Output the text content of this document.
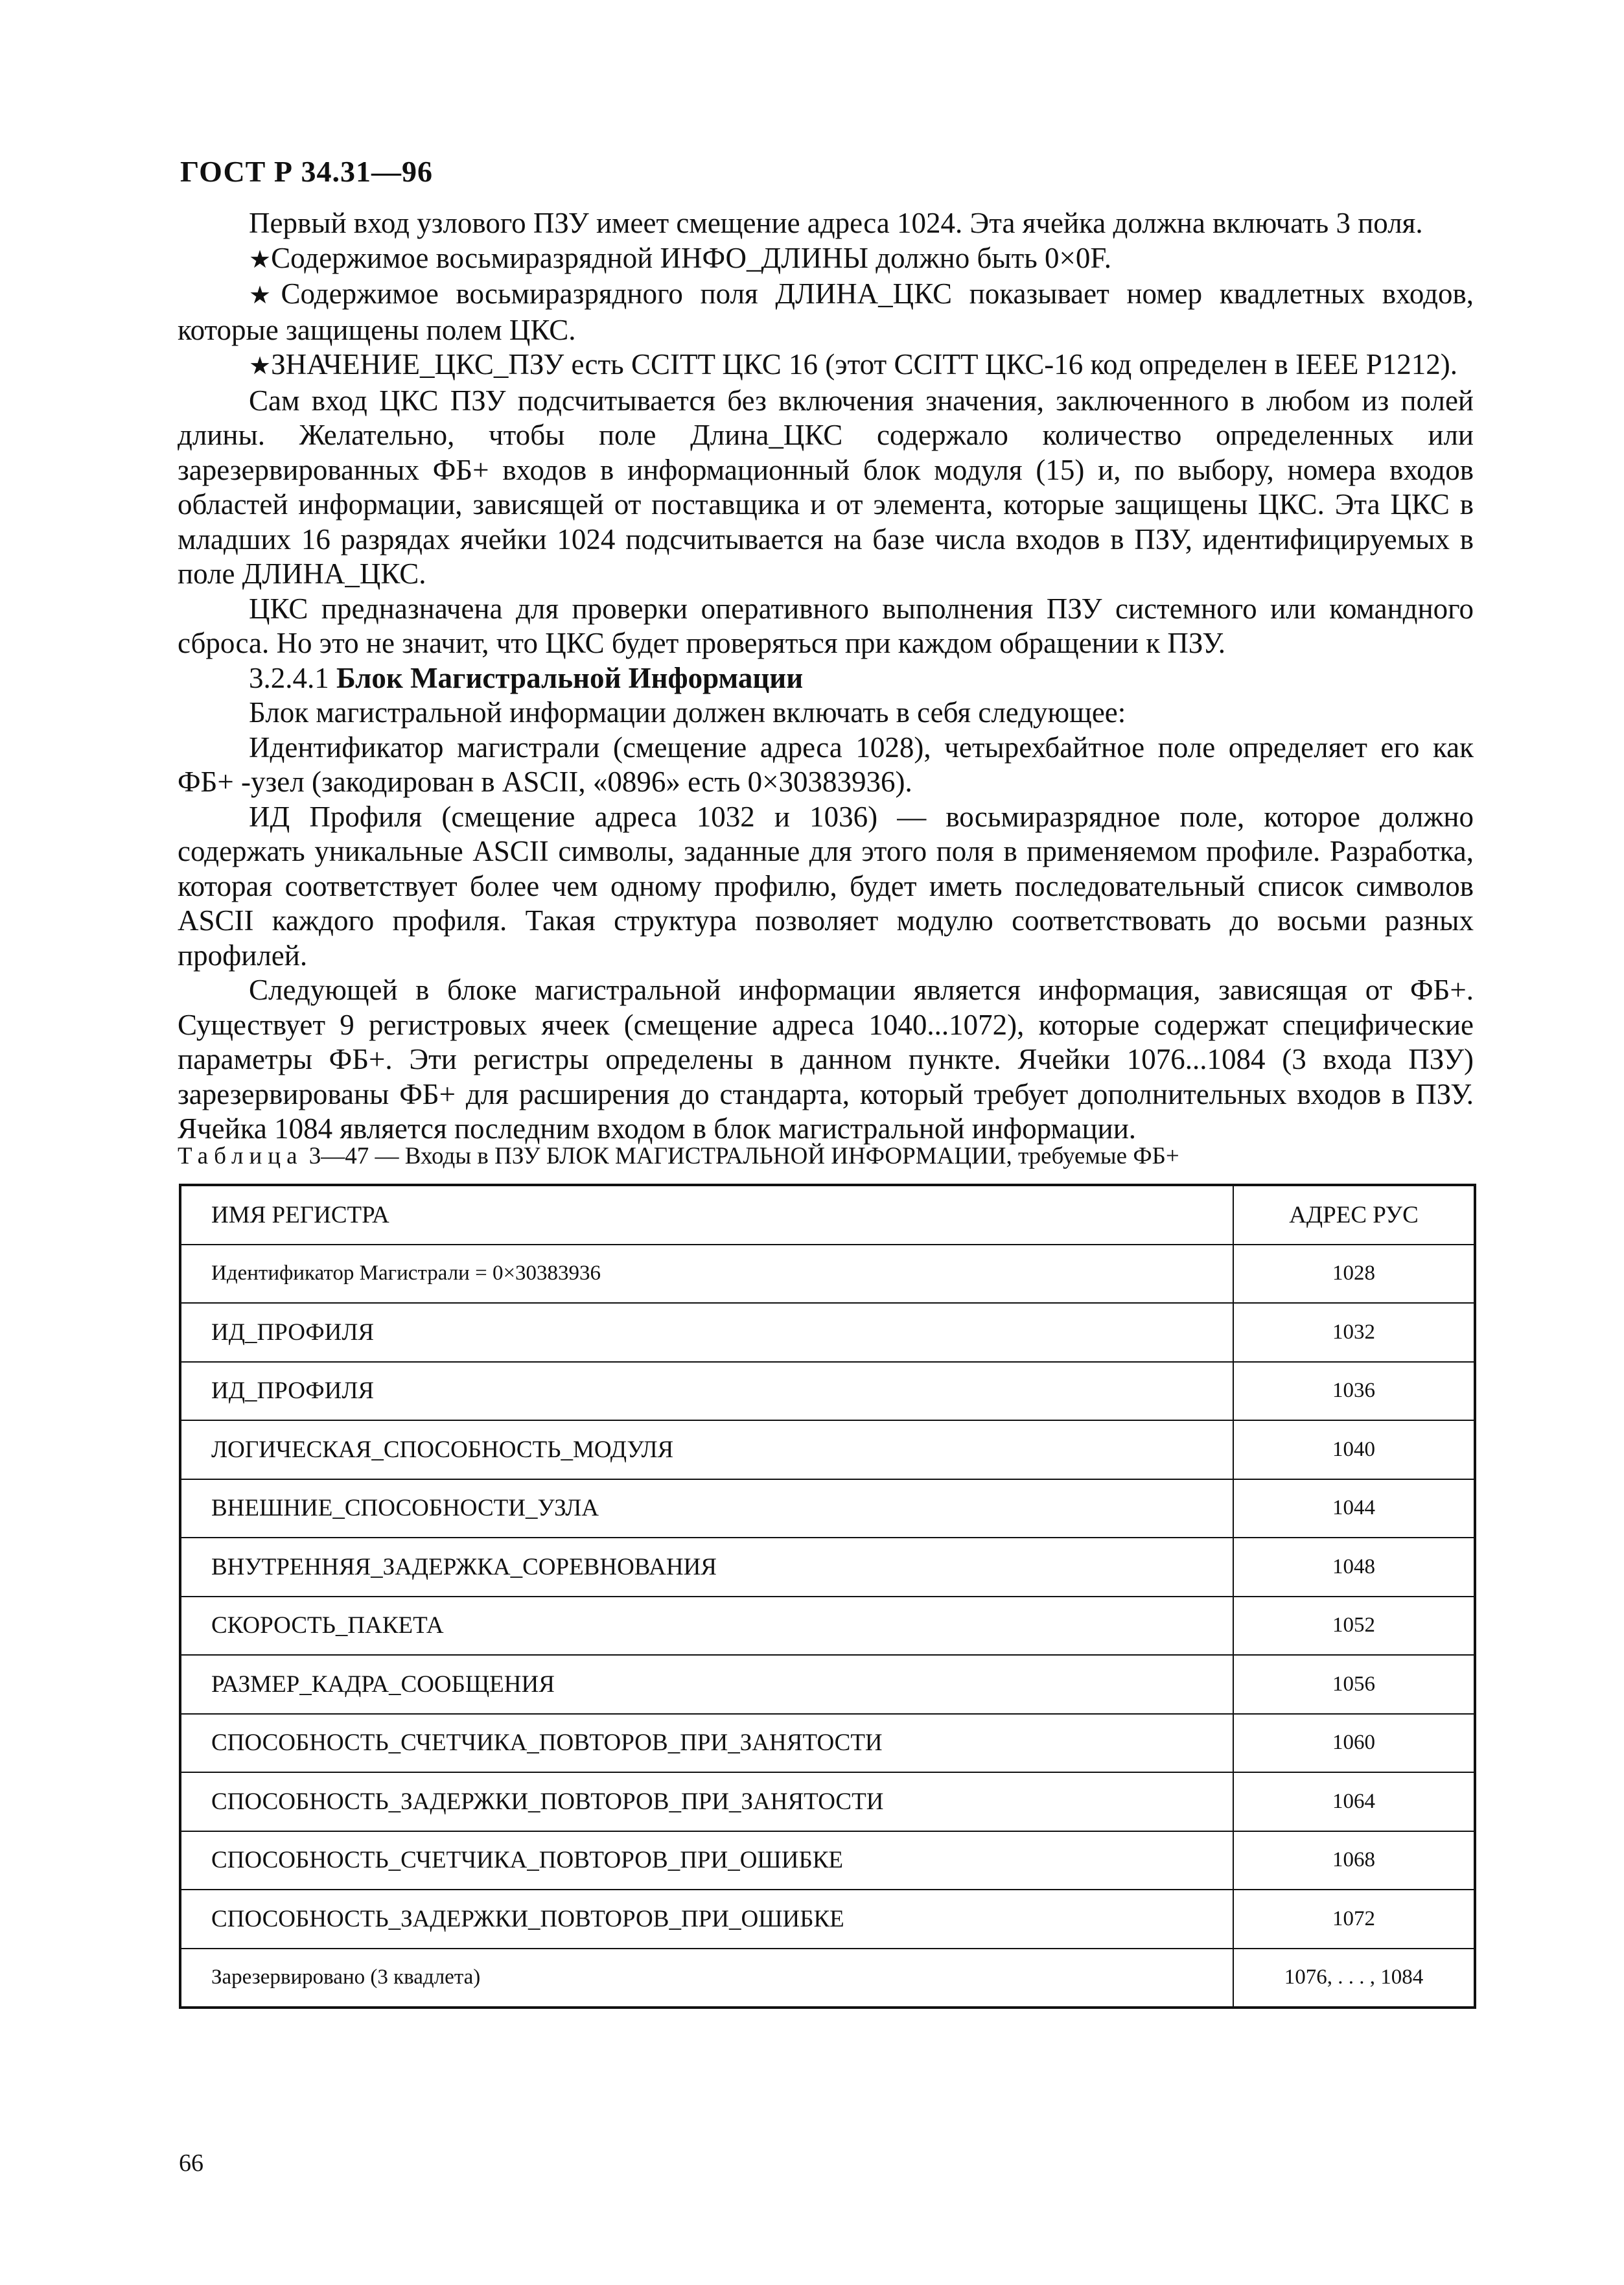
ГОСТ Р 34.31—96

Первый вход узлового ПЗУ имеет смещение адреса 1024. Эта ячейка должна включать 3 поля.

★Содержимое восьмиразрядной ИНФО_ДЛИНЫ должно быть 0×0F.

★Содержимое восьмиразрядного поля ДЛИНА_ЦКС показывает номер квадлетных входов, которые защищены полем ЦКС.

★ЗНАЧЕНИЕ_ЦКС_ПЗУ есть CCITT ЦКС 16 (этот CCITT ЦКС-16 код определен в IEEE P1212).

Сам вход ЦКС ПЗУ подсчитывается без включения значения, заключенного в любом из полей длины. Желательно, чтобы поле Длина_ЦКС содержало количество определенных или зарезервированных ФБ+ входов в информационный блок модуля (15) и, по выбору, номера входов областей информации, зависящей от поставщика и от элемента, которые защищены ЦКС. Эта ЦКС в младших 16 разрядах ячейки 1024 подсчитывается на базе числа входов в ПЗУ, идентифицируемых в поле ДЛИНА_ЦКС.

ЦКС предназначена для проверки оперативного выполнения ПЗУ системного или командного сброса. Но это не значит, что ЦКС будет проверяться при каждом обращении к ПЗУ.

3.2.4.1 Блок Магистральной Информации

Блок магистральной информации должен включать в себя следующее:

Идентификатор магистрали (смещение адреса 1028), четырехбайтное поле определяет его как ФБ+ -узел (закодирован в ASCII, «0896» есть 0×30383936).

ИД Профиля (смещение адреса 1032 и 1036) — восьмиразрядное поле, которое должно содержать уникальные ASCII символы, заданные для этого поля в применяемом профиле. Разработка, которая соответствует более чем одному профилю, будет иметь последовательный список символов ASCII каждого профиля. Такая структура позволяет модулю соответствовать до восьми разных профилей.

Следующей в блоке магистральной информации является информация, зависящая от ФБ+. Существует 9 регистровых ячеек (смещение адреса 1040...1072), которые содержат специфические параметры ФБ+. Эти регистры определены в данном пункте. Ячейки 1076...1084 (3 входа ПЗУ) зарезервированы ФБ+ для расширения до стандарта, который требует дополнительных входов в ПЗУ. Ячейка 1084 является последним входом в блок магистральной информации.

Таблица 3—47 — Входы в ПЗУ БЛОК МАГИСТРАЛЬНОЙ ИНФОРМАЦИИ, требуемые ФБ+
ИМЯ РЕГИСТРА	АДРЕС РУС
Идентификатор Магистрали = 0×30383936	1028
ИД_ПРОФИЛЯ	1032
ИД_ПРОФИЛЯ	1036
ЛОГИЧЕСКАЯ_СПОСОБНОСТЬ_МОДУЛЯ	1040
ВНЕШНИЕ_СПОСОБНОСТИ_УЗЛА	1044
ВНУТРЕННЯЯ_ЗАДЕРЖКА_СОРЕВНОВАНИЯ	1048
СКОРОСТЬ_ПАКЕТА	1052
РАЗМЕР_КАДРА_СООБЩЕНИЯ	1056
СПОСОБНОСТЬ_СЧЕТЧИКА_ПОВТОРОВ_ПРИ_ЗАНЯТОСТИ	1060
СПОСОБНОСТЬ_ЗАДЕРЖКИ_ПОВТОРОВ_ПРИ_ЗАНЯТОСТИ	1064
СПОСОБНОСТЬ_СЧЕТЧИКА_ПОВТОРОВ_ПРИ_ОШИБКЕ	1068
СПОСОБНОСТЬ_ЗАДЕРЖКИ_ПОВТОРОВ_ПРИ_ОШИБКЕ	1072
Зарезервировано (3 квадлета)	1076, . . . , 1084
66
